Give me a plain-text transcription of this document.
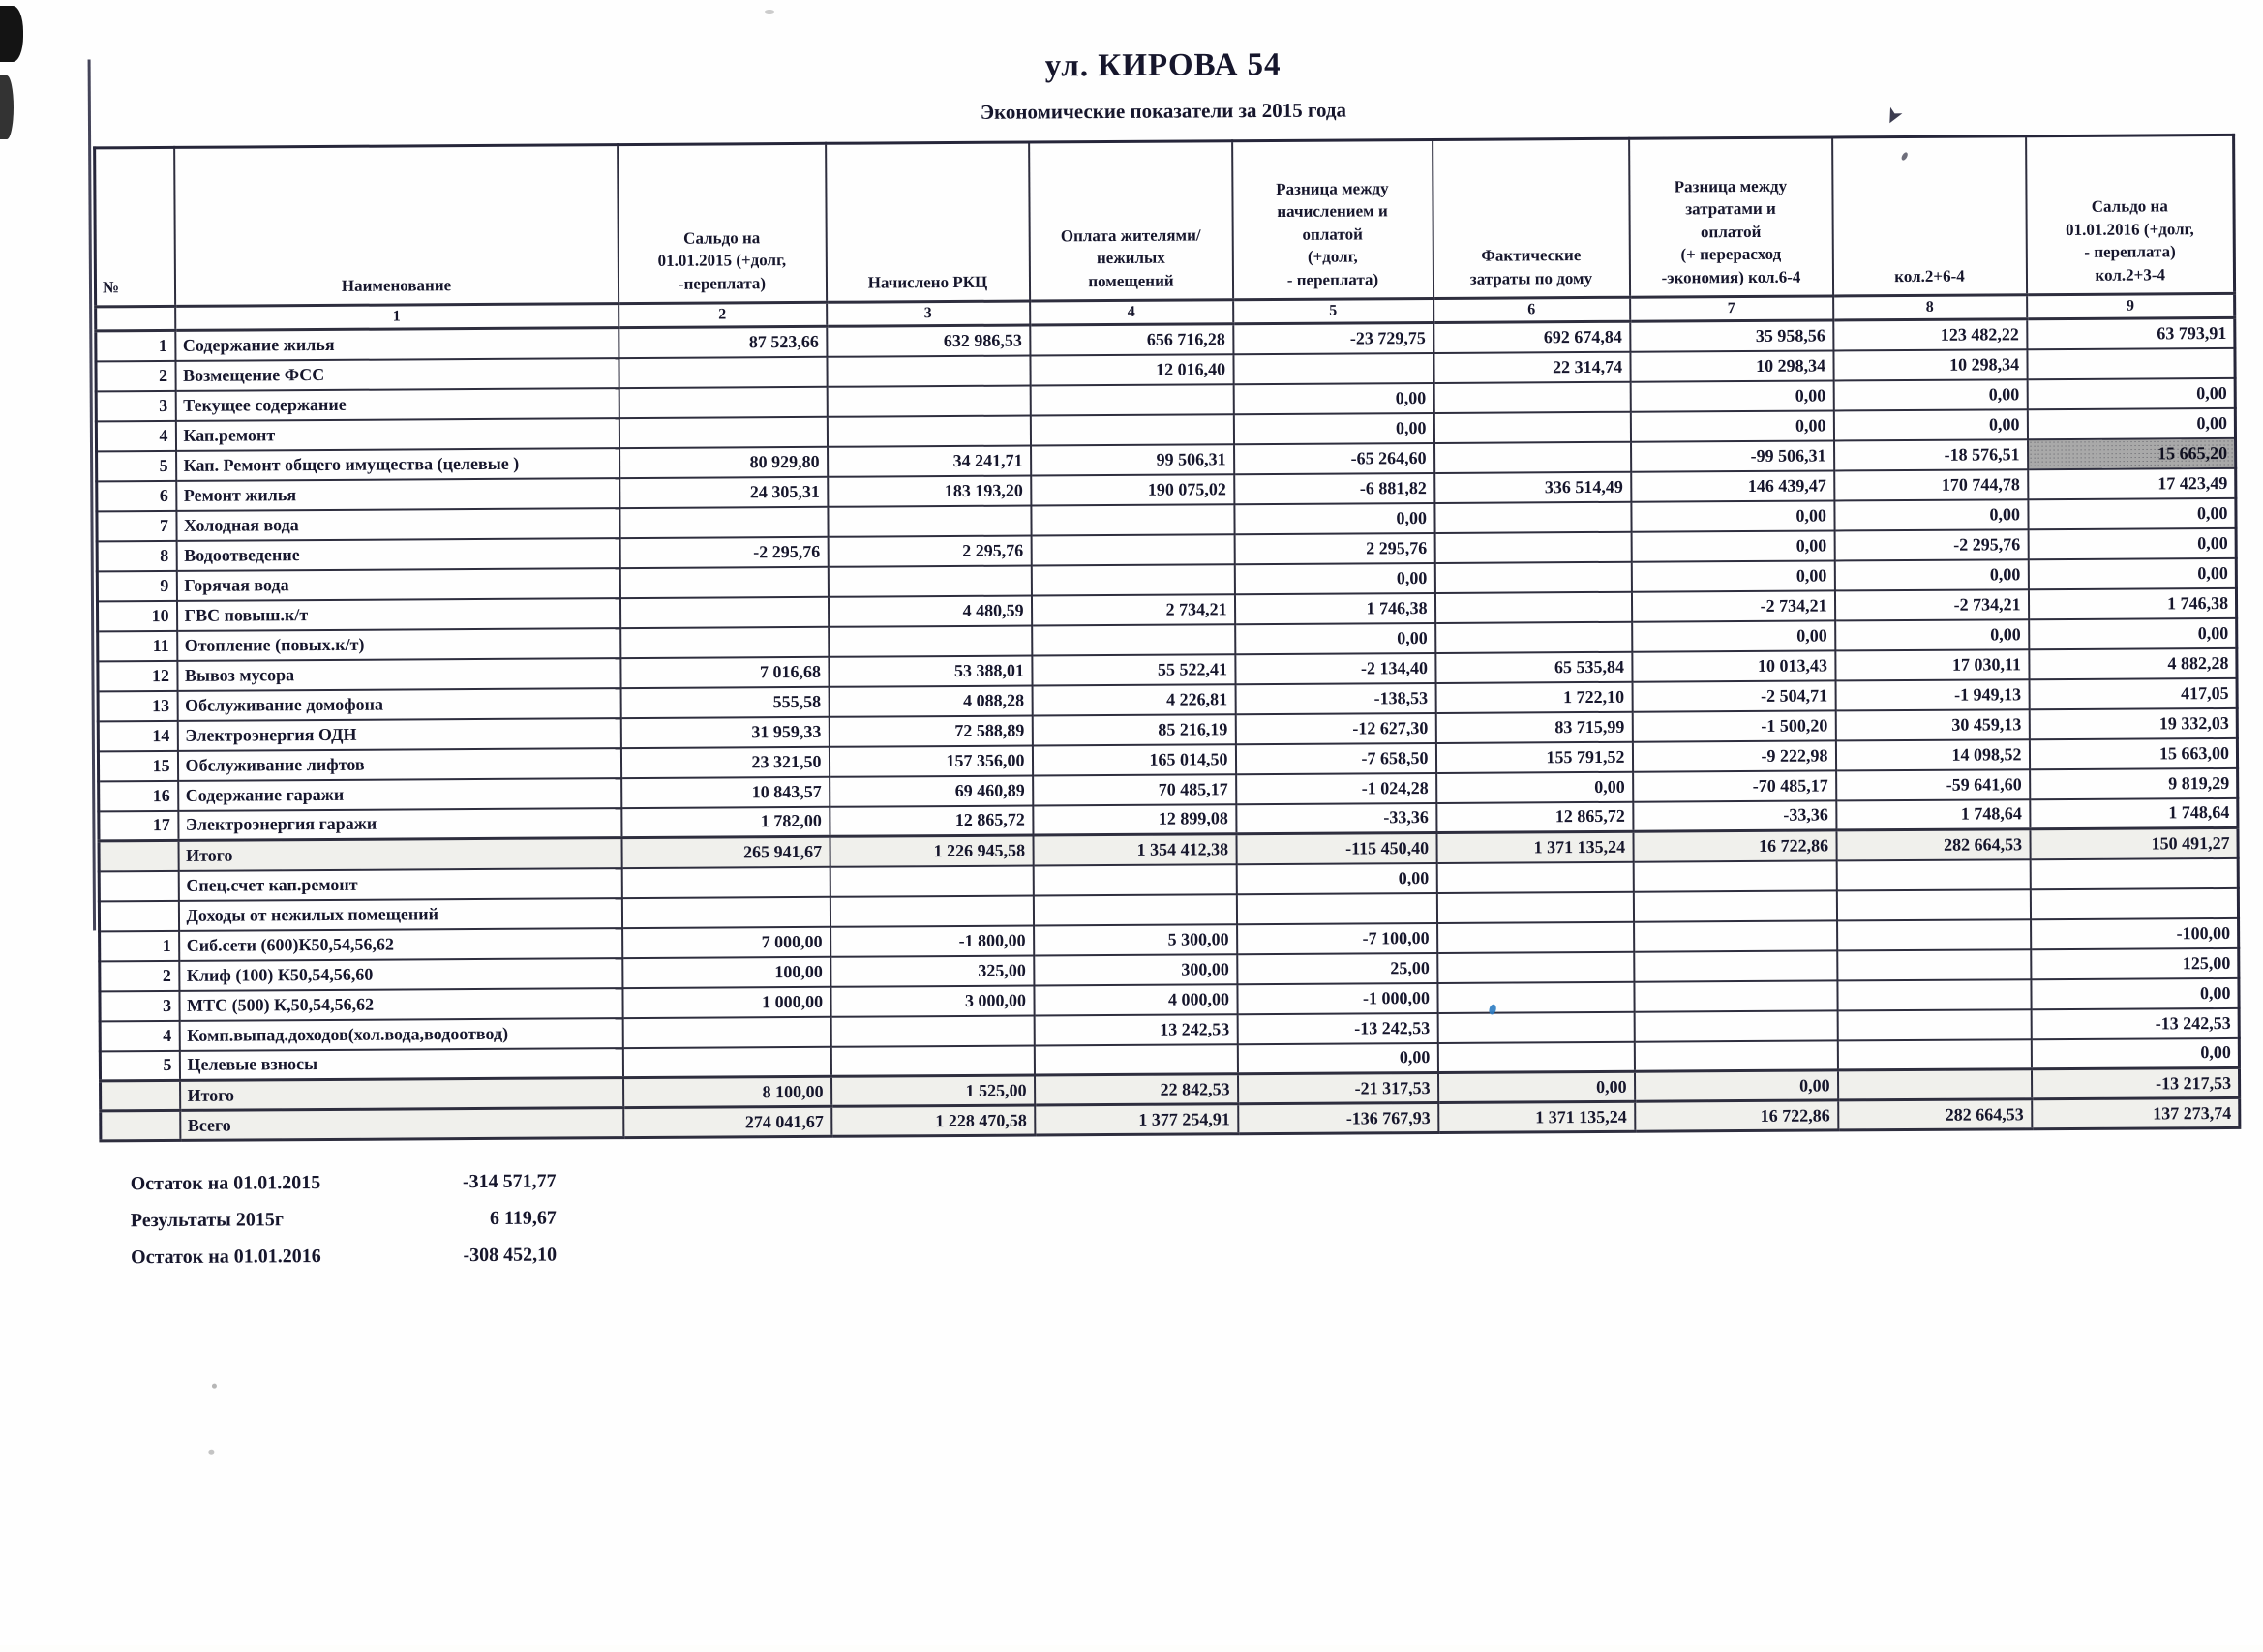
ул. КИРОВА 54
Экономические показатели за 2015 года
№	Наименование	Сальдо на
01.01.2015 (+долг,
-переплата)	Начислено РКЦ	Оплата жителями/
нежилых
помещений	Разница между
начислением и
оплатой
(+долг,
- переплата)	Фактические
затраты по дому	Разница между
затратами и
оплатой
(+ перерасход
-экономия) кол.6-4	кол.2+6-4	Сальдо на
01.01.2016 (+долг,
- переплата)
кол.2+3-4
	1	2	3	4	5	6	7	8	9
1	Содержание жилья	87 523,66	632 986,53	656 716,28	-23 729,75	692 674,84	35 958,56	123 482,22	63 793,91
2	Возмещение ФСС			12 016,40		22 314,74	10 298,34	10 298,34	
3	Текущее содержание				0,00		0,00	0,00	0,00
4	Кап.ремонт				0,00		0,00	0,00	0,00
5	Кап. Ремонт общего имущества (целевые )	80 929,80	34 241,71	99 506,31	-65 264,60		-99 506,31	-18 576,51	15 665,20
6	Ремонт жилья	24 305,31	183 193,20	190 075,02	-6 881,82	336 514,49	146 439,47	170 744,78	17 423,49
7	Холодная вода				0,00		0,00	0,00	0,00
8	Водоотведение	-2 295,76	2 295,76		2 295,76		0,00	-2 295,76	0,00
9	Горячая вода				0,00		0,00	0,00	0,00
10	ГВС повыш.к/т		4 480,59	2 734,21	1 746,38		-2 734,21	-2 734,21	1 746,38
11	Отопление (повых.к/т)				0,00		0,00	0,00	0,00
12	Вывоз мусора	7 016,68	53 388,01	55 522,41	-2 134,40	65 535,84	10 013,43	17 030,11	4 882,28
13	Обслуживание домофона	555,58	4 088,28	4 226,81	-138,53	1 722,10	-2 504,71	-1 949,13	417,05
14	Электроэнергия ОДН	31 959,33	72 588,89	85 216,19	-12 627,30	83 715,99	-1 500,20	30 459,13	19 332,03
15	Обслуживание лифтов	23 321,50	157 356,00	165 014,50	-7 658,50	155 791,52	-9 222,98	14 098,52	15 663,00
16	Содержание гаражи	10 843,57	69 460,89	70 485,17	-1 024,28	0,00	-70 485,17	-59 641,60	9 819,29
17	Электроэнергия гаражи	1 782,00	12 865,72	12 899,08	-33,36	12 865,72	-33,36	1 748,64	1 748,64
	Итого	265 941,67	1 226 945,58	1 354 412,38	-115 450,40	1 371 135,24	16 722,86	282 664,53	150 491,27
	Спец.счет кап.ремонт				0,00				
	Доходы от нежилых помещений								
1	Сиб.сети (600)К50,54,56,62	7 000,00	-1 800,00	5 300,00	-7 100,00				-100,00
2	Клиф (100) К50,54,56,60	100,00	325,00	300,00	25,00				125,00
3	МТС (500) К,50,54,56,62	1 000,00	3 000,00	4 000,00	-1 000,00				0,00
4	Комп.выпад.доходов(хол.вода,водоотвод)			13 242,53	-13 242,53				-13 242,53
5	Целевые взносы				0,00				0,00
	Итого	8 100,00	1 525,00	22 842,53	-21 317,53	0,00	0,00		-13 217,53
	Всего	274 041,67	1 228 470,58	1 377 254,91	-136 767,93	1 371 135,24	16 722,86	282 664,53	137 273,74
Остаток на 01.01.2015	-314 571,77
Результаты 2015г	6 119,67
Остаток на 01.01.2016	-308 452,10
➤
